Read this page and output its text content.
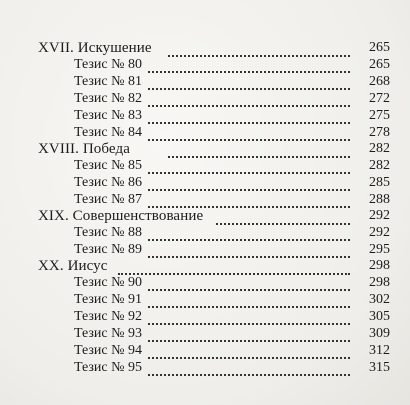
XVII. Искушение	265
Тезис № 80	265
Тезис № 81	268
Тезис № 82	272
Тезис № 83	275
Тезис № 84	278
XVIII. Победа	282
Тезис № 85	282
Тезис № 86	285
Тезис № 87	288
XIX. Совершенствование	292
Тезис № 88	292
Тезис № 89	295
XX. Иисус	298
Тезис № 90	298
Тезис № 91	302
Тезис № 92	305
Тезис № 93	309
Тезис № 94	312
Тезис № 95	315
